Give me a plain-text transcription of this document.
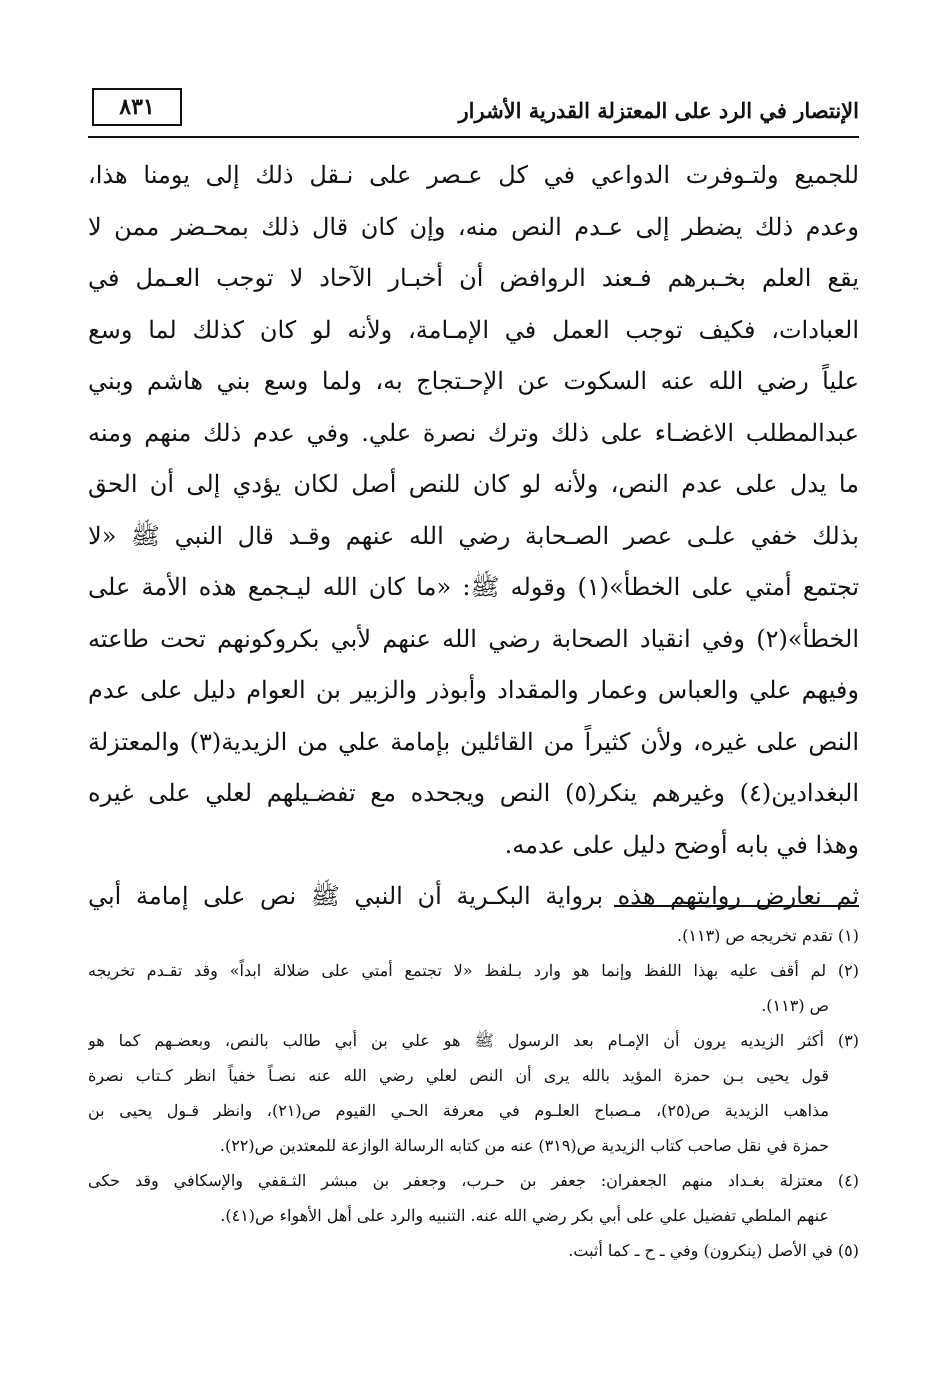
الإنتصار في الرد على المعتزلة القدرية الأشرار
٨٣١
للجميع ولتـوفرت الدواعي في كل عـصر على نـقل ذلك إلى يومنا هذا،
وعدم ذلك يضطر إلى عـدم النص منه، وإن كان قال ذلك بمحـضر ممن لا
يقع العلم بخـبرهم فـعند الروافض أن أخبـار الآحاد لا توجب العـمل في
العبادات، فكيف توجب العمل في الإمـامة، ولأنه لو كان كذلك لما وسع
علياً رضي الله عنه السكوت عن الإحـتجاج به، ولما وسع بني هاشم وبني
عبدالمطلب الاغضـاء على ذلك وترك نصرة علي. وفي عدم ذلك منهم ومنه
ما يدل على عدم النص، ولأنه لو كان للنص أصل لكان يؤدي إلى أن الحق
بذلك خفي علـى عصر الصـحابة رضي الله عنهم وقـد قال النبي ﷺ «لا
تجتمع أمتي على الخطأ»(١) وقوله ﷺ: «ما كان الله ليـجمع هذه الأمة على
الخطأ»(٢) وفي انقياد الصحابة رضي الله عنهم لأبي بكروكونهم تحت طاعته
وفيهم علي والعباس وعمار والمقداد وأبوذر والزبير بن العوام دليل على عدم
النص على غيره، ولأن كثيراً من القائلين بإمامة علي من الزيدية(٣) والمعتزلة
البغدادين(٤) وغيرهم ينكر(٥) النص ويجحده مع تفضـيلهم لعلي على غيره
وهذا في بابه أوضح دليل على عدمه.
ثم نعارض روايتهم هذه برواية البكـرية أن النبي ﷺ نص على إمامة أبي
(١) تقدم تخريجه ص (١١٣).
(٢) لم أقف عليه بهذا اللفظ وإنما هو وارد بـلفظ «لا تجتمع أمتي على ضلالة ابداً» وقد تقـدم تخريجه
ص (١١٣).
(٣) أكثر الزيديه يرون أن الإمـام بعد الرسول ﷺ هو علي بن أبي طالب بالنص، وبعضـهم كما هو
قول يحيى بـن حمزة المؤيد بالله يرى أن النص لعلي رضي الله عنه نصـاً خفياً انظر كـتاب نصرة
مذاهب الزيدية ص(٢٥)، مـصباح العلـوم في معرفة الحـي القيوم ص(٢١)، وانظر قـول يحيى بن
حمزة في نقل صاحب كتاب الزيدية ص(٣١٩) عنه من كتابه الرسالة الوازعة للمعتدين ص(٢٢).
(٤) معتزلة بغـداد منهم الجعفران: جعفر بن حـرب، وجعفر بن مبشر الثـقفي والإسكافي وقد حكى
عنهم الملطي تفضيل علي على أبي بكر رضي الله عنه. التنبيه والرد على أهل الأهواء ص(٤١).
(٥) في الأصل (ينكرون) وفي ـ ح ـ كما أثبت.
